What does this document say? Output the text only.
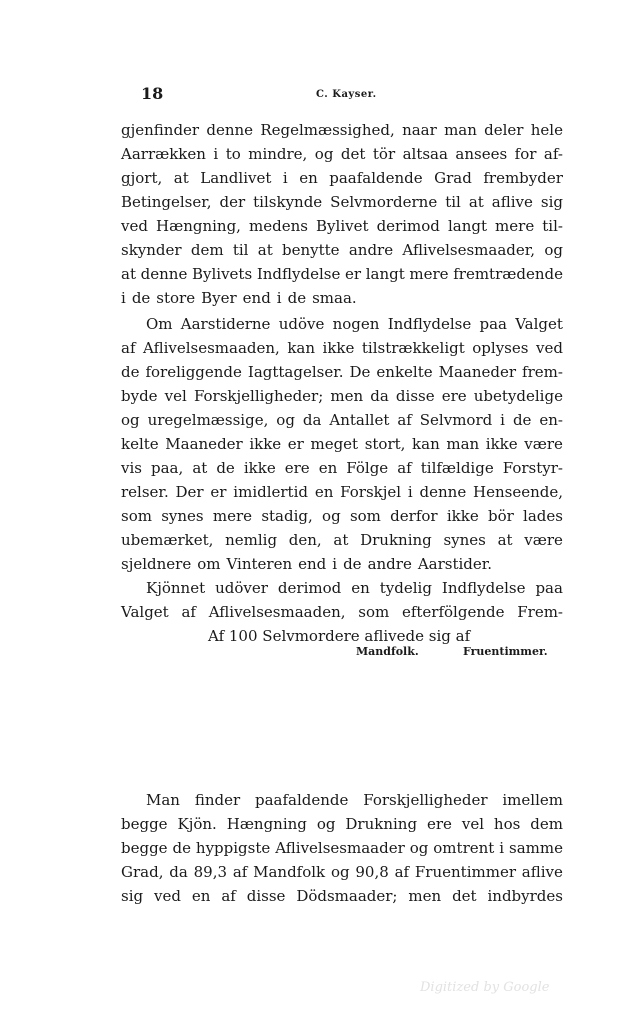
18	C. Kayser.
gjenfinder denne Regelmæssighed, naar man deler hele
Aarrækken i to mindre, og det tör altsaa ansees for af-
gjort, at Landlivet i en paafaldende Grad frembyder
Betingelser, der tilskynde Selvmorderne til at aflive sig
ved Hængning, medens Bylivet derimod langt mere til-
skynder dem til at benytte andre Aflivelsesmaader, og
at denne Bylivets Indflydelse er langt mere fremtrædende
i de store Byer end i de smaa.
Om Aarstiderne udöve nogen Indflydelse paa Valget
af Aflivelsesmaaden, kan ikke tilstrækkeligt oplyses ved
de foreliggende Iagttagelser. De enkelte Maaneder frem-
byde vel Forskjelligheder; men da disse ere ubetydelige
og uregelmæssige, og da Antallet af Selvmord i de en-
kelte Maaneder ikke er meget stort, kan man ikke være
vis paa, at de ikke ere en Fölge af tilfældige Forstyr-
relser. Der er imidlertid en Forskjel i denne Henseende,
som synes mere stadig, og som derfor ikke bör lades
ubemærket, nemlig den, at Drukning synes at være
sjeldnere om Vinteren end i de andre Aarstider.
Kjönnet udöver derimod en tydelig Indflydelse paa
Valget af Aflivelsesmaaden, som efterfölgende Frem-
Af 100 Selvmordere aflivede sig af
Mandfolk.	Fruentimmer.
Man finder paafaldende Forskjelligheder imellem
begge Kjön. Hængning og Drukning ere vel hos dem
begge de hyppigste Aflivelsesmaader og omtrent i samme
Grad, da 89,3 af Mandfolk og 90,8 af Fruentimmer aflive
sig ved en af disse Dödsmaader; men det indbyrdes
Digitized by Google
